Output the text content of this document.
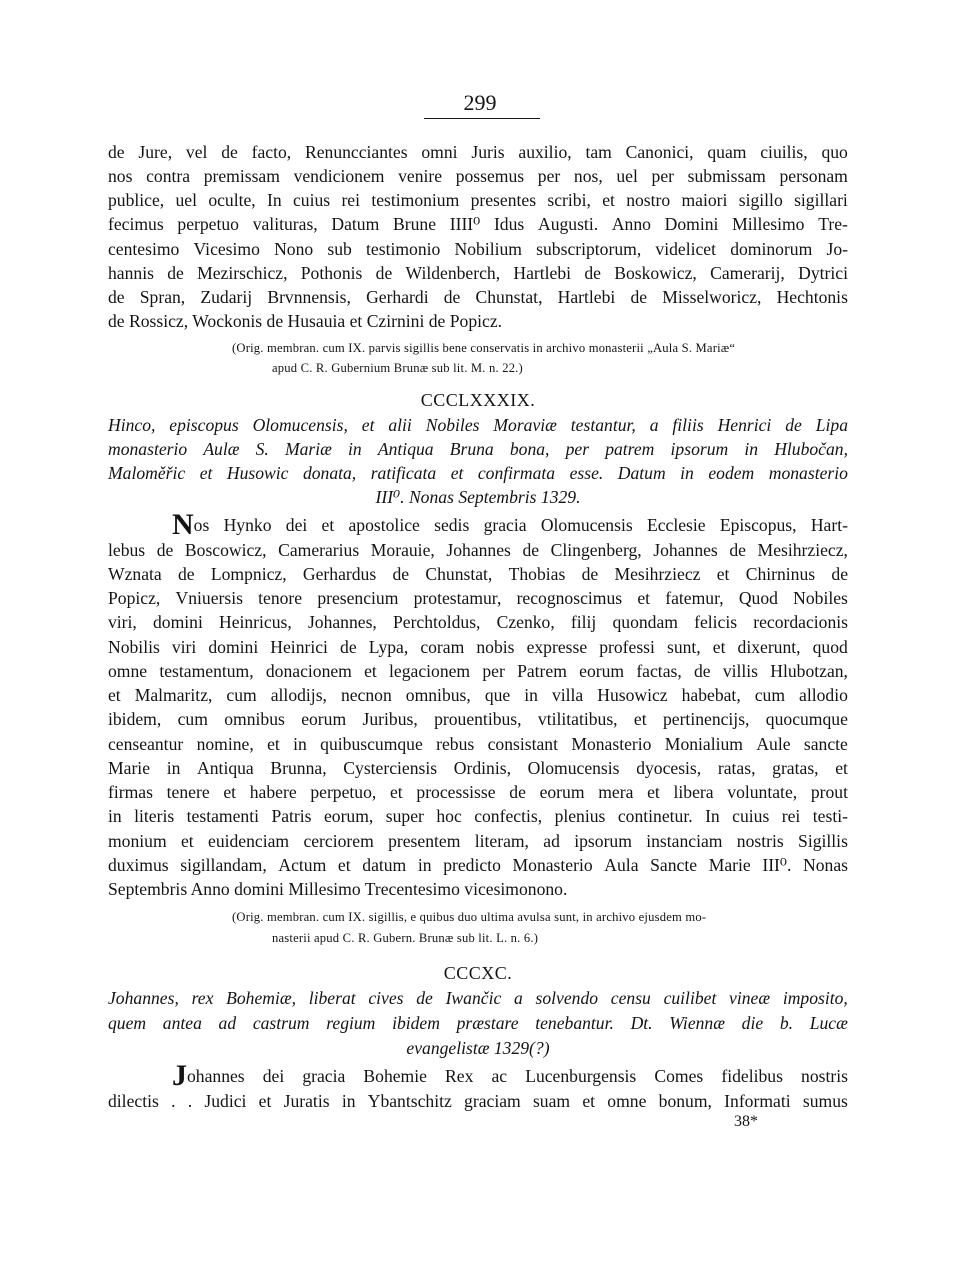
299
de Jure, vel de facto, Renuncciantes omni Juris auxilio, tam Canonici, quam ciuilis, quo
nos contra premissam vendicionem venire possemus per nos, uel per submissam personam
publice, uel oculte, In cuius rei testimonium presentes scribi, et nostro maiori sigillo sigillari
fecimus perpetuo valituras, Datum Brune IIII⁰ Idus Augusti. Anno Domini Millesimo Tre-
centesimo Vicesimo Nono sub testimonio Nobilium subscriptorum, videlicet dominorum Jo-
hannis de Mezirschicz, Pothonis de Wildenberch, Hartlebi de Boskowicz, Camerarij, Dytrici
de Spran, Zudarij Brvnnensis, Gerhardi de Chunstat, Hartlebi de Misselworicz, Hechtonis
de Rossicz, Wockonis de Husauia et Czirnini de Popicz.
(Orig. membran. cum IX. parvis sigillis bene conservatis in archivo monasterii „Aula S. Mariæ“
apud C. R. Gubernium Brunæ sub lit. M. n. 22.)
CCCLXXXIX.
Hinco, episcopus Olomucensis, et alii Nobiles Moraviæ testantur, a filiis Henrici de Lipa
monasterio Aulæ S. Mariæ in Antiqua Bruna bona, per patrem ipsorum in Hlubočan,
Maloměřic et Husowic donata, ratificata et confirmata esse. Datum in eodem monasterio
III⁰. Nonas Septembris 1329.
Nos Hynko dei et apostolice sedis gracia Olomucensis Ecclesie Episcopus, Hart-
lebus de Boscowicz, Camerarius Morauie, Johannes de Clingenberg, Johannes de Mesihrziecz,
Wznata de Lompnicz, Gerhardus de Chunstat, Thobias de Mesihrziecz et Chirninus de
Popicz, Vniuersis tenore presencium protestamur, recognoscimus et fatemur, Quod Nobiles
viri, domini Heinricus, Johannes, Perchtoldus, Czenko, filij quondam felicis recordacionis
Nobilis viri domini Heinrici de Lypa, coram nobis expresse professi sunt, et dixerunt, quod
omne testamentum, donacionem et legacionem per Patrem eorum factas, de villis Hlubotzan,
et Malmaritz, cum allodijs, necnon omnibus, que in villa Husowicz habebat, cum allodio
ibidem, cum omnibus eorum Juribus, prouentibus, vtilitatibus, et pertinencijs, quocumque
censeantur nomine, et in quibuscumque rebus consistant Monasterio Monialium Aule sancte
Marie in Antiqua Brunna, Cysterciensis Ordinis, Olomucensis dyocesis, ratas, gratas, et
firmas tenere et habere perpetuo, et processisse de eorum mera et libera voluntate, prout
in literis testamenti Patris eorum, super hoc confectis, plenius continetur. In cuius rei testi-
monium et euidenciam cerciorem presentem literam, ad ipsorum instanciam nostris Sigillis
duximus sigillandam, Actum et datum in predicto Monasterio Aula Sancte Marie III⁰. Nonas
Septembris Anno domini Millesimo Trecentesimo vicesimonono.
(Orig. membran. cum IX. sigillis, e quibus duo ultima avulsa sunt, in archivo ejusdem mo-
nasterii apud C. R. Gubern. Brunæ sub lit. L. n. 6.)
CCCXC.
Johannes, rex Bohemiæ, liberat cives de Iwančic a solvendo censu cuilibet vineæ imposito,
quem antea ad castrum regium ibidem præstare tenebantur. Dt. Wiennæ die b. Lucæ
evangelistæ 1329(?)
Johannes dei gracia Bohemie Rex ac Lucenburgensis Comes fidelibus nostris
dilectis . . Judici et Juratis in Ybantschitz graciam suam et omne bonum, Informati sumus
38*
